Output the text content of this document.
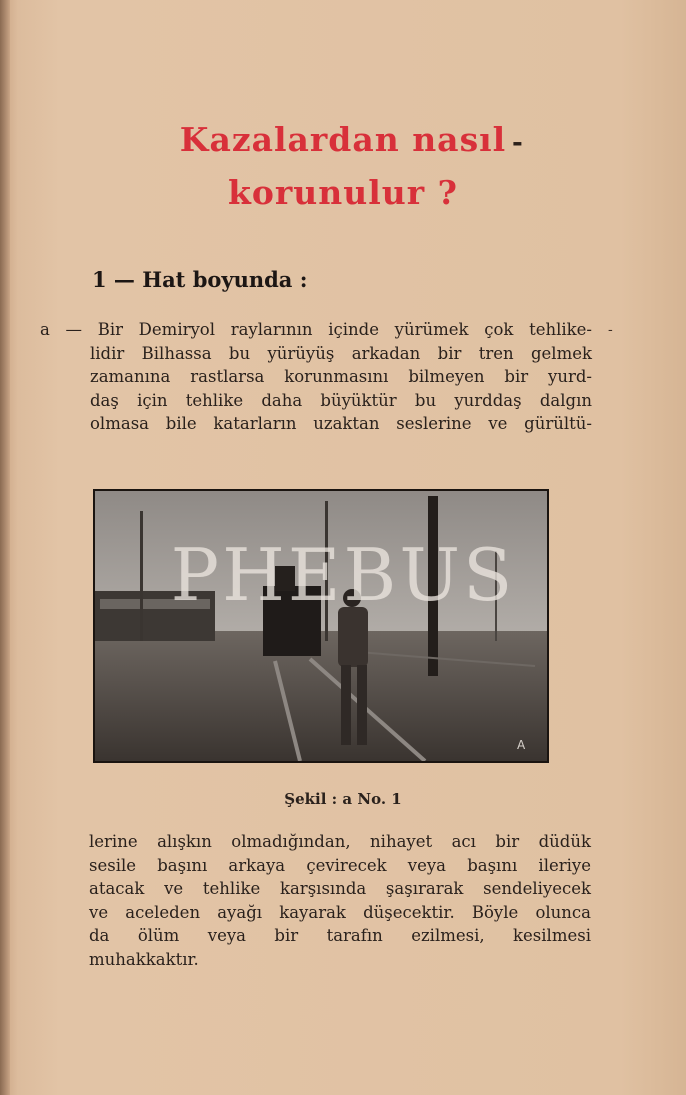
Kazalardan nasıl -
korunulur ?
1 — Hat boyunda :
a — Bir Demiryol raylarının içinde yürümek çok tehlike-
lidir Bilhassa bu yürüyüş arkadan bir tren gelmek
zamanına rastlarsa korunmasını bilmeyen bir yurd-
daş için tehlike daha büyüktür bu yurddaş dalgın
olmasa bile katarların uzaktan seslerine ve gürültü-
-
A
PHEBUS
Şekil : a No. 1
lerine alışkın olmadığından, nihayet acı bir düdük
sesile başını arkaya çevirecek veya başını ileriye
atacak ve tehlike karşısında şaşırarak sendeliyecek
ve aceleden ayağı kayarak düşecektir. Böyle olunca
da ölüm veya bir tarafın ezilmesi, kesilmesi
muhakkaktır.
